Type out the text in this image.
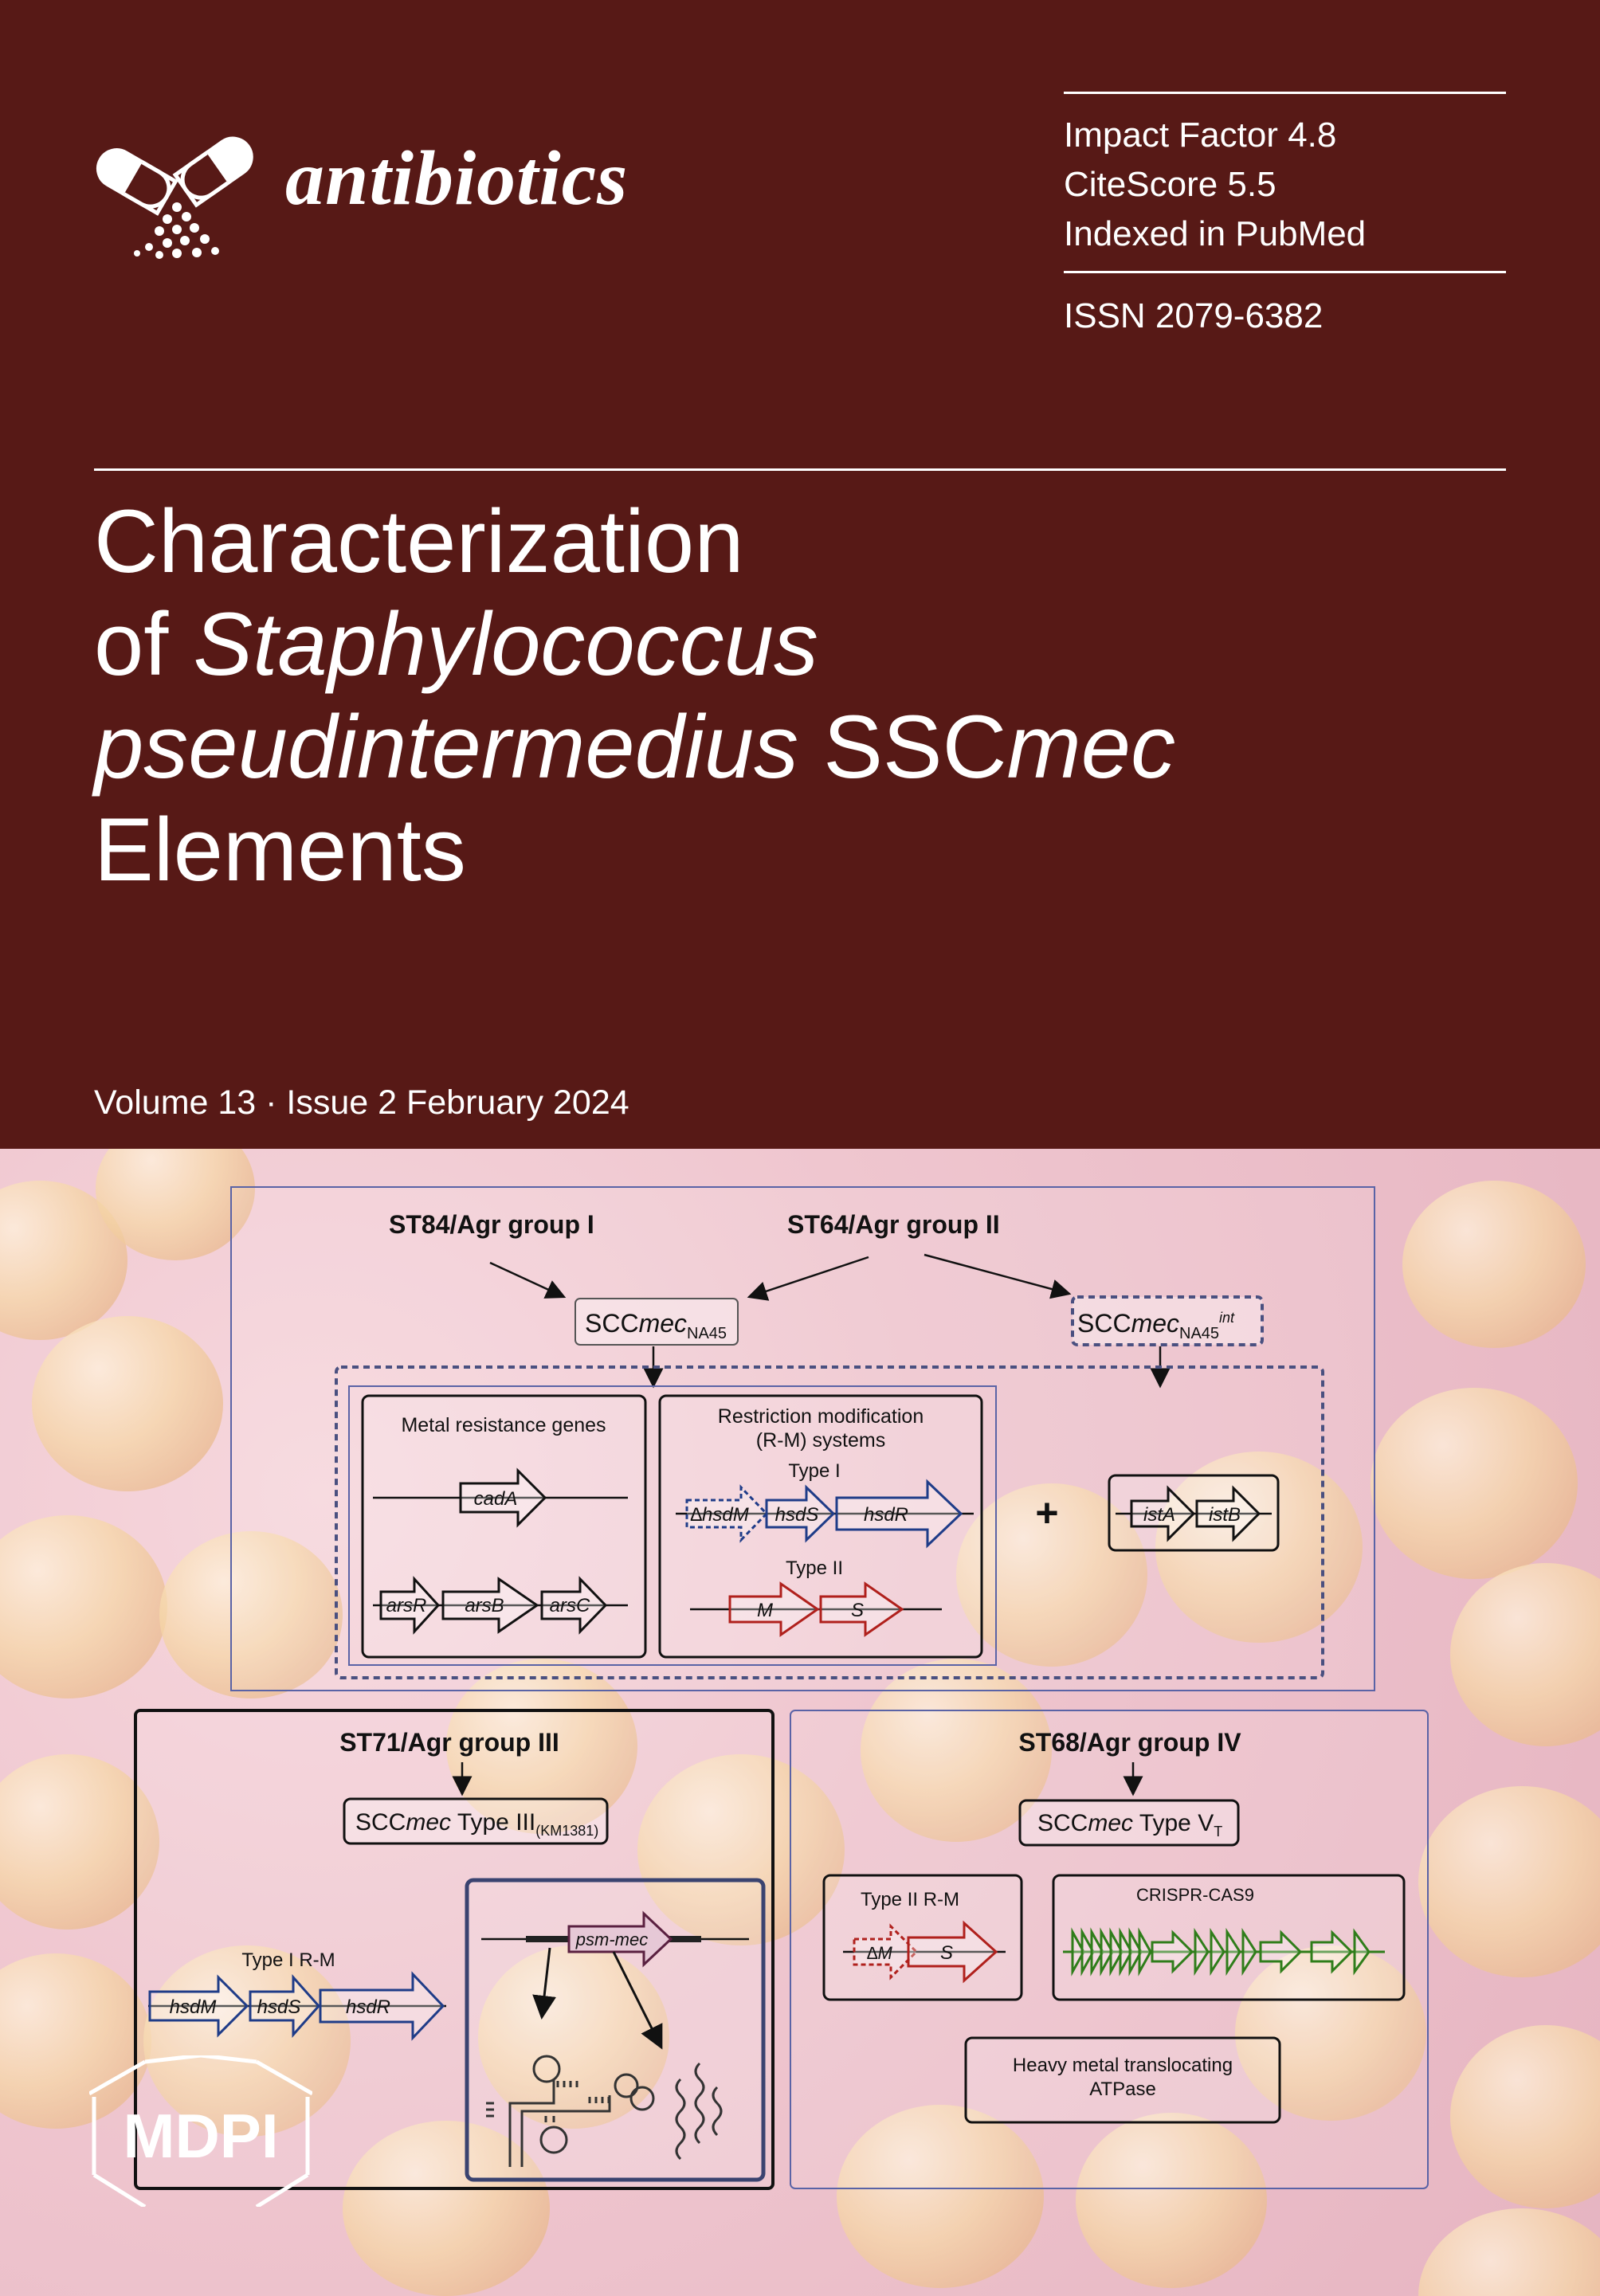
antibiotics
Impact Factor 4.8
CiteScore 5.5
Indexed in PubMed
ISSN 2079-6382
Characterization
of Staphylococcus
pseudintermedius SSCmec
Elements
Volume 13 · Issue 2 February 2024
ST84/Agr group I	ST64/Agr group II
SCCmec$_{NA45}$	SCCmec$_{NA45}^{int}$
Metal resistance genes
cadA
arsR arsB arsC
Restriction modification
(R-M) systems
Type I
∆hsdM hsdS hsdR
Type II
M	S
+	istA istB
ST71/Agr group III
SCCmec Type $III_{(KM1381)}$
Type I R-M
hsdM hsdS hsdR
psm-mec
ST68/Agr group IV
SCCmec Type $V_T$
Type II R-M
∆M	S
CRISPR-CAS9
Heavy metal translocating
ATPase
MDPI
